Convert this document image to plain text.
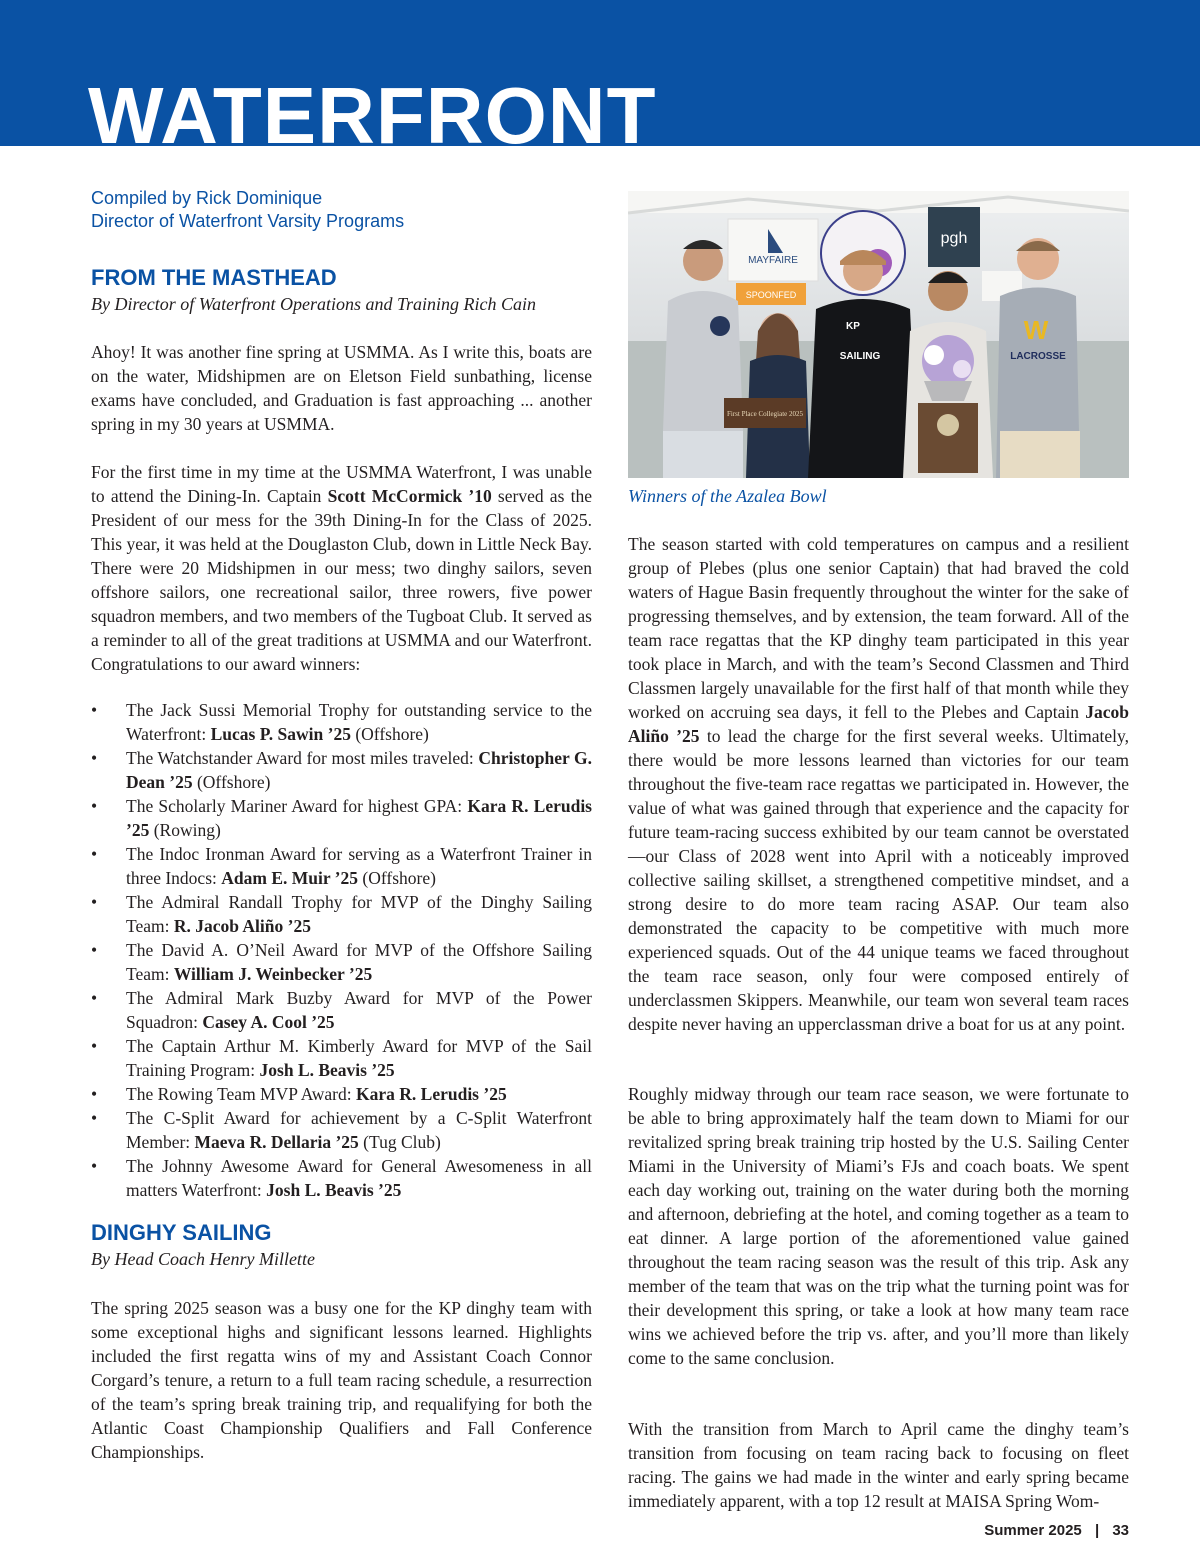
WATERFRONT
Compiled by Rick Dominique
Director of Waterfront Varsity Programs
FROM THE MASTHEAD

By Director of Waterfront Operations and Training Rich Cain

Ahoy! It was another fine spring at USMMA. As I write this, boats are on the water, Midshipmen are on Eletson Field sunbathing, license exams have concluded, and Graduation is fast approaching ... another spring in my 30 years at USMMA.

For the first time in my time at the USMMA Waterfront, I was unable to attend the Dining-In. Captain Scott McCormick ’10 served as the President of our mess for the 39th Dining-In for the Class of 2025. This year, it was held at the Douglaston Club, down in Little Neck Bay. There were 20 Midshipmen in our mess; two dinghy sailors, seven offshore sailors, one recreational sailor, three rowers, five power squadron members, and two members of the Tugboat Club. It served as a reminder to all of the great traditions at USMMA and our Waterfront. Congratulations to our award winners:

• The Jack Sussi Memorial Trophy for outstanding service to the Waterfront: Lucas P. Sawin ’25 (Offshore)
• The Watchstander Award for most miles traveled: Christopher G. Dean ’25 (Offshore)
• The Scholarly Mariner Award for highest GPA: Kara R. Lerudis ’25 (Rowing)
• The Indoc Ironman Award for serving as a Waterfront Trainer in three Indocs: Adam E. Muir ’25 (Offshore)
• The Admiral Randall Trophy for MVP of the Dinghy Sailing Team: R. Jacob Aliño ’25
• The David A. O’Neil Award for MVP of the Offshore Sailing Team: William J. Weinbecker ’25
• The Admiral Mark Buzby Award for MVP of the Power Squadron: Casey A. Cool ’25
• The Captain Arthur M. Kimberly Award for MVP of the Sail Training Program: Josh L. Beavis ’25
• The Rowing Team MVP Award: Kara R. Lerudis ’25
• The C-Split Award for achievement by a C-Split Waterfront Member: Maeva R. Dellaria ’25 (Tug Club)
• The Johnny Awesome Award for General Awesomeness in all matters Waterfront: Josh L. Beavis ’25
DINGHY SAILING

By Head Coach Henry Millette

The spring 2025 season was a busy one for the KP dinghy team with some exceptional highs and significant lessons learned. Highlights included the first regatta wins of my and Assistant Coach Connor Corgard’s tenure, a return to a full team racing schedule, a resurrection of the team’s spring break training trip, and requalifying for both the Atlantic Coast Championship Qualifiers and Fall Conference Championships.

MAYFAIRE
SPOONFED
pgh
First Place Collegiate 2025
SAILING
KP	W
LACROSSE
Winners of the Azalea Bowl

The season started with cold temperatures on campus and a resilient group of Plebes (plus one senior Captain) that had braved the cold waters of Hague Basin frequently throughout the winter for the sake of progressing themselves, and by extension, the team forward. All of the team race regattas that the KP dinghy team participated in this year took place in March, and with the team’s Second Classmen and Third Classmen largely unavailable for the first half of that month while they worked on accruing sea days, it fell to the Plebes and Captain Jacob Aliño ’25 to lead the charge for the first several weeks. Ultimately, there would be more lessons learned than victories for our team throughout the five-team race regattas we participated in. However, the value of what was gained through that experience and the capacity for future team-racing success exhibited by our team cannot be overstated—our Class of 2028 went into April with a noticeably improved collective sailing skillset, a strengthened competitive mindset, and a strong desire to do more team racing ASAP. Our team also demonstrated the capacity to be competitive with much more experienced squads. Out of the 44 unique teams we faced throughout the team race season, only four were composed entirely of underclassmen Skippers. Meanwhile, our team won several team races despite never having an upperclassman drive a boat for us at any point.

Roughly midway through our team race season, we were fortunate to be able to bring approximately half the team down to Miami for our revitalized spring break training trip hosted by the U.S. Sailing Center Miami in the University of Miami’s FJs and coach boats. We spent each day working out, training on the water during both the morning and afternoon, debriefing at the hotel, and coming together as a team to eat dinner. A large portion of the aforementioned value gained throughout the team racing season was the result of this trip. Ask any member of the team that was on the trip what the turning point was for their development this spring, or take a look at how many team race wins we achieved before the trip vs. after, and you’ll more than likely come to the same conclusion.

With the transition from March to April came the dinghy team’s transition from focusing on team racing back to focusing on fleet racing. The gains we had made in the winter and early spring became immediately apparent, with a top 12 result at MAISA Spring Wom-

Summer 2025 | 33
